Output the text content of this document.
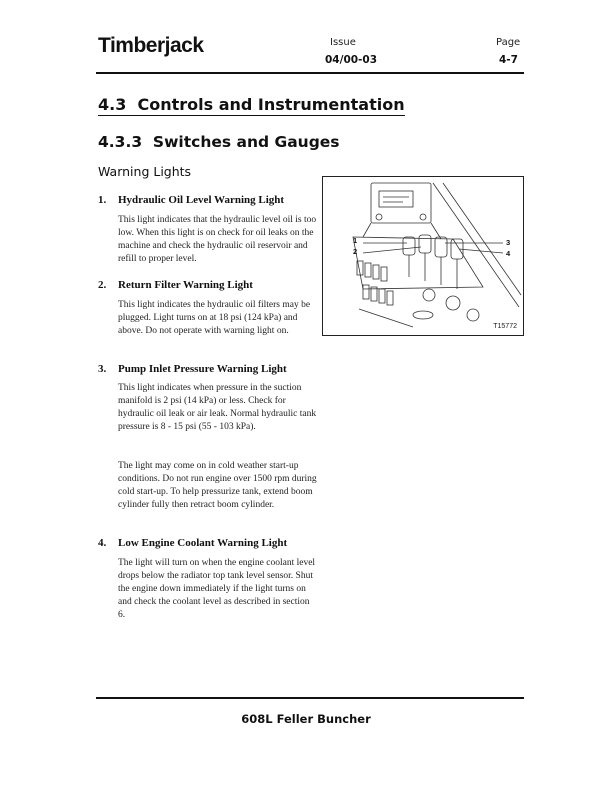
Timberjack	Issue
04/00-03
Page
4-7
4.3  Controls and Instrumentation
4.3.3  Switches and Gauges
Warning Lights
1. Hydraulic Oil Level Warning Light

This light indicates that the hydraulic level oil is too low. When this light is on check for oil leaks on the machine and check the hydraulic oil reservoir and refill to proper level.

2. Return Filter Warning Light

This light indicates the hydraulic oil filters may be plugged. Light turns on at 18 psi (124 kPa) and above. Do not operate with warning light on.

3. Pump Inlet Pressure Warning Light

This light indicates when pressure in the suction manifold is 2 psi (14 kPa) or less. Check for hydraulic oil leak or air leak. Normal hydraulic tank pressure is 8 - 15 psi (55 - 103 kPa).

The light may come on in cold weather start-up conditions. Do not run engine over 1500 rpm during cold start-up. To help pressurize tank, extend boom cylinder fully then retract boom cylinder.

4. Low Engine Coolant Warning Light

The light will turn on when the engine coolant level drops below the radiator top tank level sensor. Shut the engine down immediately if the light turns on and check the coolant level as described in section 6.

1
2
3
4
T15772
608L Feller Buncher
